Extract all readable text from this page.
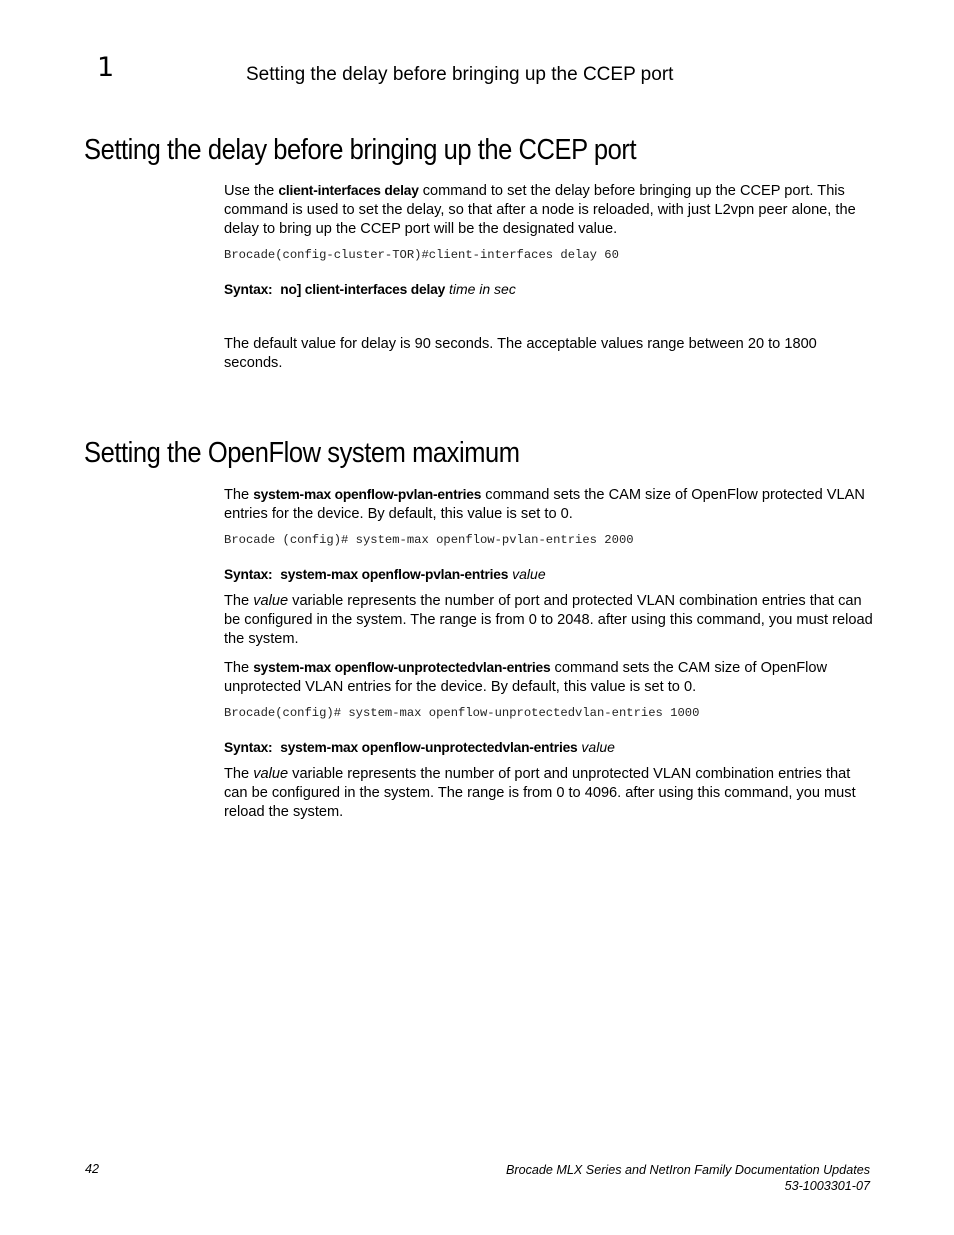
1	Setting the delay before bringing up the CCEP port
Setting the delay before bringing up the CCEP port
Use the client-interfaces delay command to set the delay before bringing up the CCEP port. This command is used to set the delay, so that after a node is reloaded, with just L2vpn peer alone, the delay to bring up the CCEP port will be the designated value.
Brocade(config-cluster-TOR)#client-interfaces delay 60
Syntax: no] client-interfaces delay time in sec
The default value for delay is 90 seconds. The acceptable values range between 20 to 1800 seconds.
Setting the OpenFlow system maximum
The system-max openflow-pvlan-entries command sets the CAM size of OpenFlow protected VLAN entries for the device. By default, this value is set to 0.
Brocade (config)# system-max openflow-pvlan-entries 2000
Syntax: system-max openflow-pvlan-entries value
The value variable represents the number of port and protected VLAN combination entries that can be configured in the system. The range is from 0 to 2048. after using this command, you must reload the system.
The system-max openflow-unprotectedvlan-entries command sets the CAM size of OpenFlow unprotected VLAN entries for the device. By default, this value is set to 0.
Brocade(config)# system-max openflow-unprotectedvlan-entries 1000
Syntax: system-max openflow-unprotectedvlan-entries value
The value variable represents the number of port and unprotected VLAN combination entries that can be configured in the system. The range is from 0 to 4096. after using this command, you must reload the system.
42	Brocade MLX Series and NetIron Family Documentation Updates
53-1003301-07
